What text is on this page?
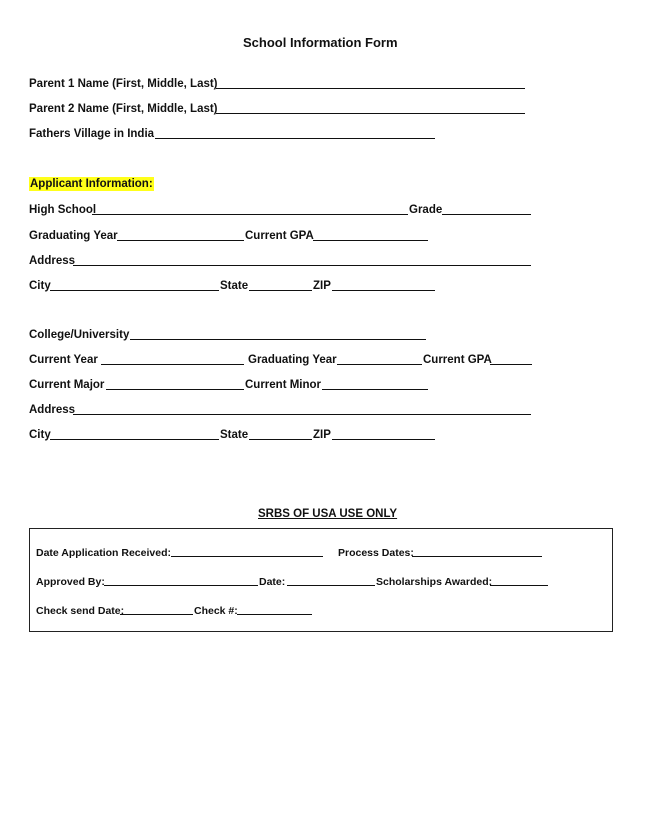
School Information Form
Parent 1 Name (First, Middle, Last)
Parent 2 Name (First, Middle, Last)
Fathers Village in India
Applicant Information:
High School	Grade
Graduating Year	Current GPA
Address
City	State	ZIP
College/University
Current Year	Graduating Year	Current GPA
Current Major	Current Minor
Address
City	State	ZIP
SRBS OF USA USE ONLY
Date Application Received:	Process Dates:
Approved By:	Date:	Scholarships Awarded:
Check send Date:	Check #:
